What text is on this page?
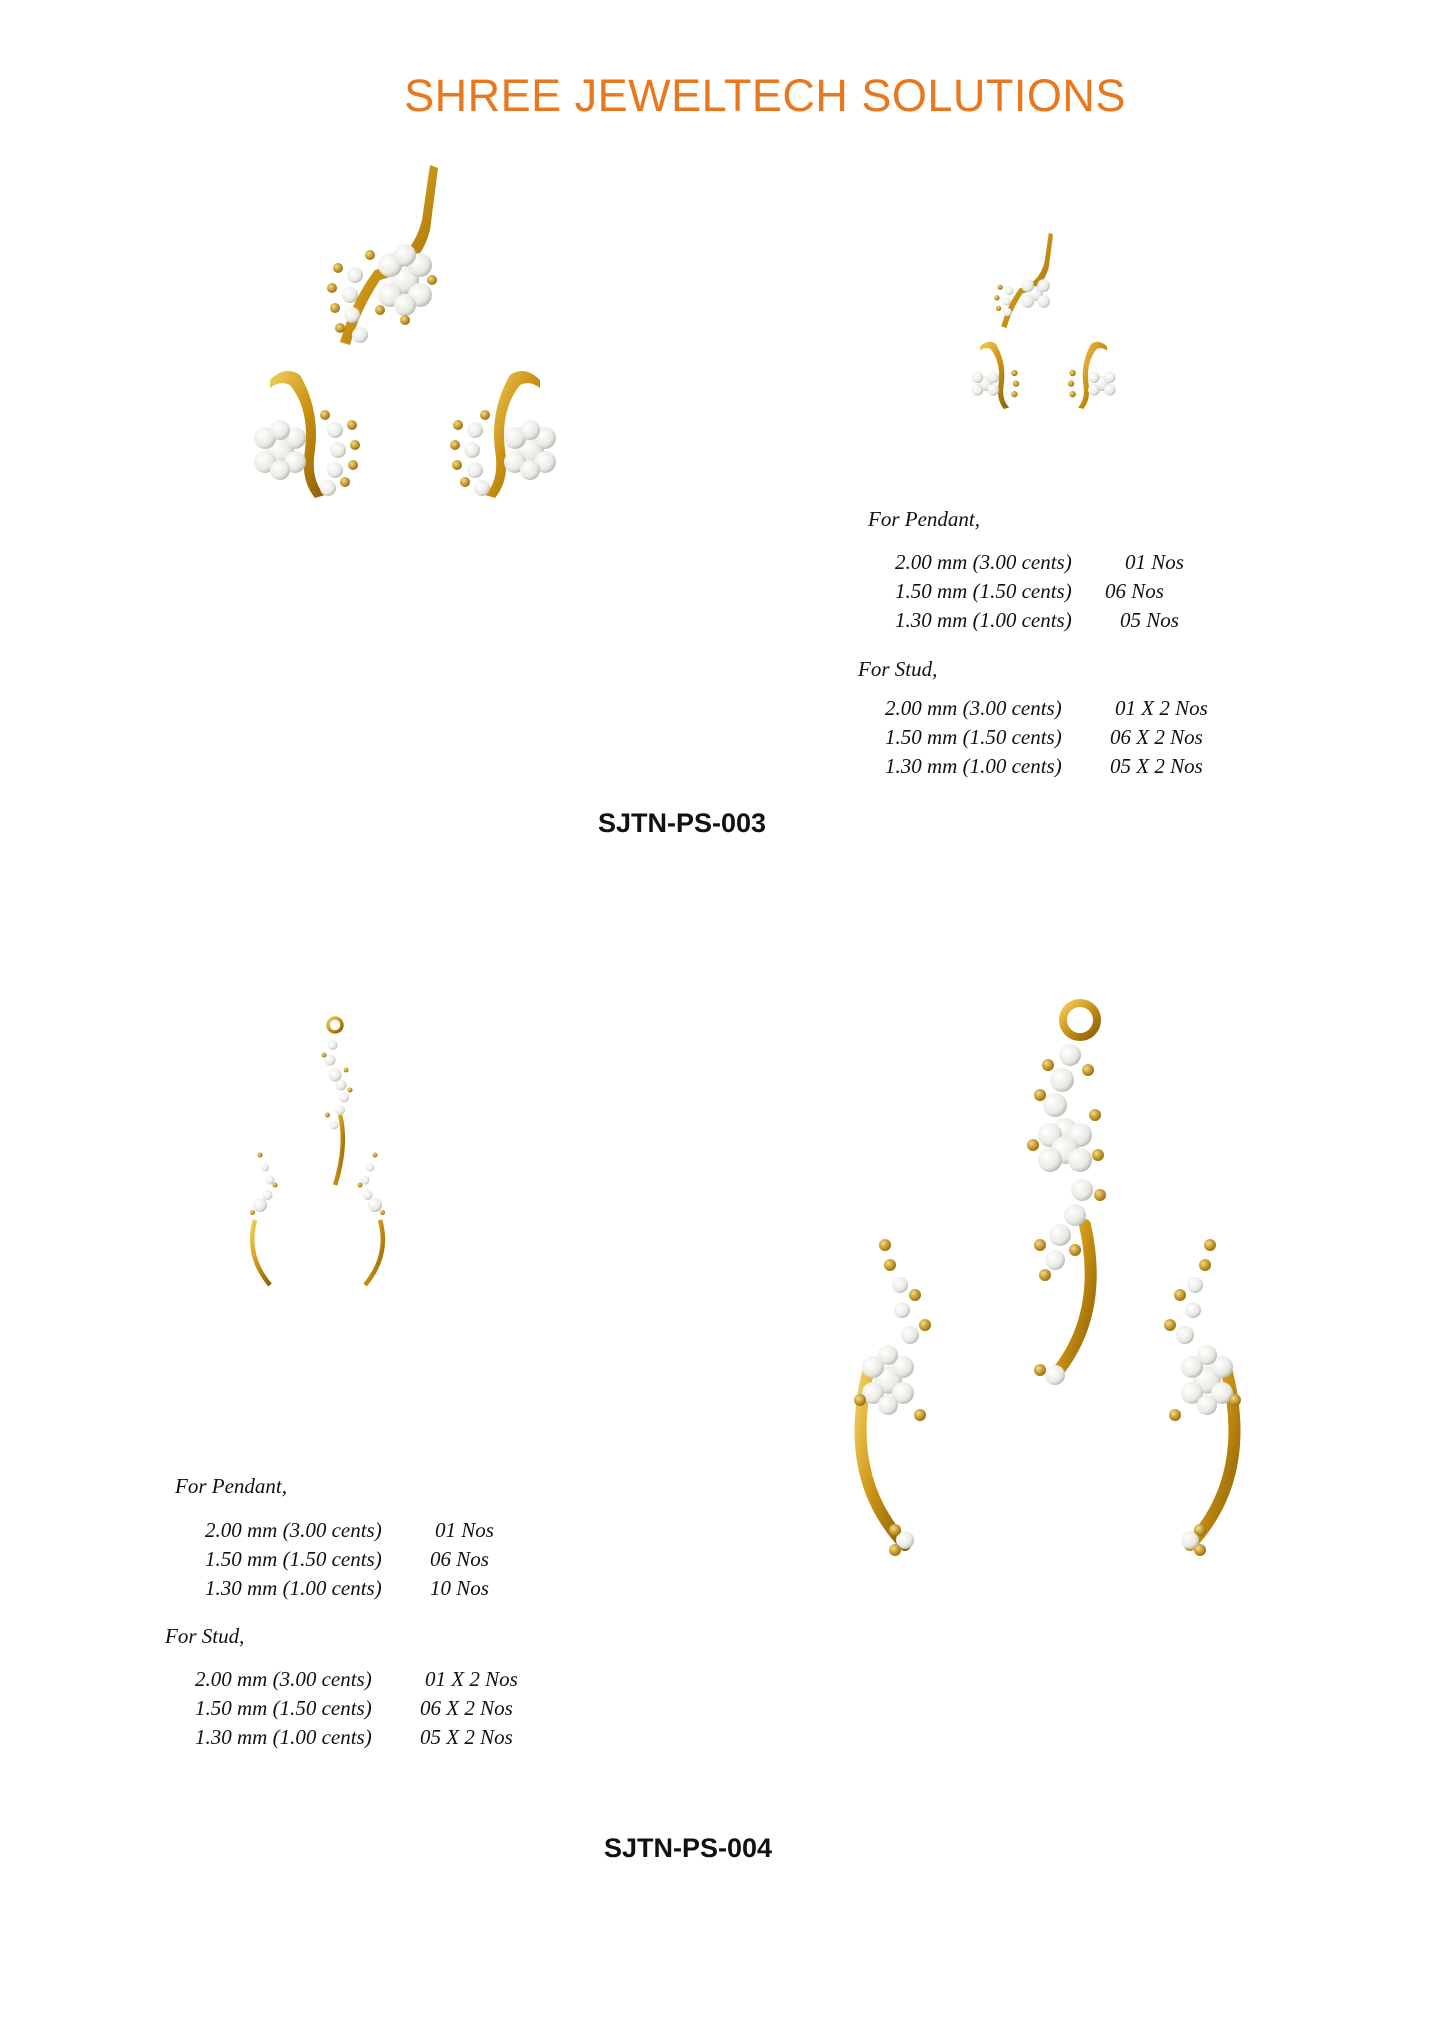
SHREE JEWELTECH SOLUTIONS
For Pendant,
2.00 mm (3.00 cents)	01 Nos
1.50 mm (1.50 cents)	06 Nos
1.30 mm (1.00 cents)	05 Nos
For Stud,
2.00 mm (3.00 cents)	01 X 2 Nos
1.50 mm (1.50 cents)	06 X 2 Nos
1.30 mm (1.00 cents)	05 X 2 Nos
SJTN-PS-003
For Pendant,
2.00 mm (3.00 cents)	01 Nos
1.50 mm (1.50 cents)	06 Nos
1.30 mm (1.00 cents)	10 Nos
For Stud,
2.00 mm (3.00 cents)	01 X 2 Nos
1.50 mm (1.50 cents)	06 X 2 Nos
1.30 mm (1.00 cents)	05 X 2 Nos
SJTN-PS-004
